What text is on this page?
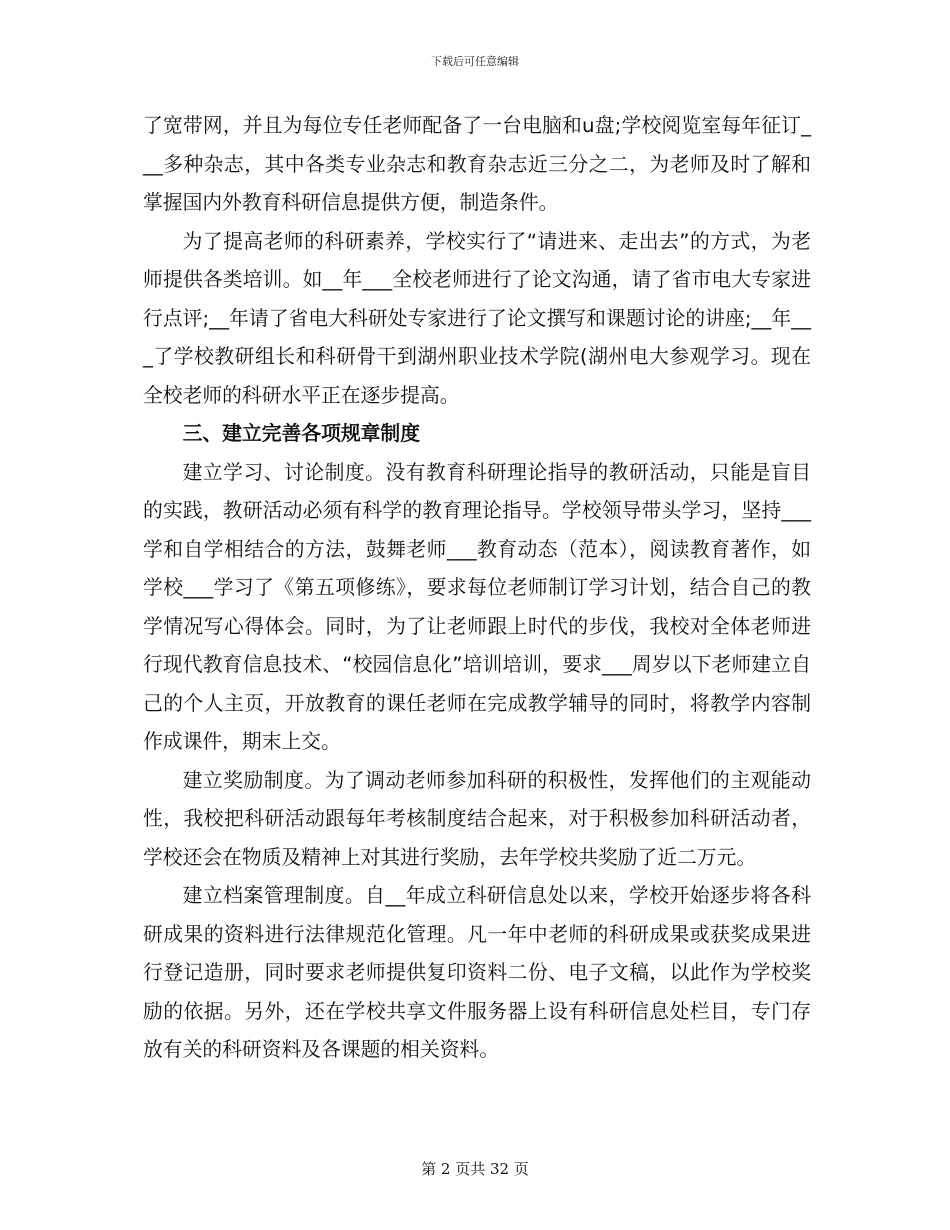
下载后可任意编辑

了宽带网，并且为每位专任老师配备了一台电脑和u盘;学校阅览室每年征订___多种杂志，其中各类专业杂志和教育杂志近三分之二，为老师及时了解和掌握国内外教育科研信息提供方便，制造条件。

为了提高老师的科研素养，学校实行了“请进来、走出去”的方式，为老师提供各类培训。如__年___全校老师进行了论文沟通，请了省市电大专家进行点评;__年请了省电大科研处专家进行了论文撰写和课题讨论的讲座;__年___了学校教研组长和科研骨干到湖州职业技术学院(湖州电大参观学习。现在全校老师的科研水平正在逐步提高。

三、建立完善各项规章制度

建立学习、讨论制度。没有教育科研理论指导的教研活动，只能是盲目的实践，教研活动必须有科学的教育理论指导。学校领导带头学习，坚持___学和自学相结合的方法，鼓舞老师___教育动态（范本），阅读教育著作，如学校___学习了《第五项修练》，要求每位老师制订学习计划，结合自己的教学情况写心得体会。同时，为了让老师跟上时代的步伐，我校对全体老师进行现代教育信息技术、“校园信息化”培训培训，要求___周岁以下老师建立自己的个人主页，开放教育的课任老师在完成教学辅导的同时，将教学内容制作成课件，期末上交。

建立奖励制度。为了调动老师参加科研的积极性，发挥他们的主观能动性，我校把科研活动跟每年考核制度结合起来，对于积极参加科研活动者，学校还会在物质及精神上对其进行奖励，去年学校共奖励了近二万元。

建立档案管理制度。自__年成立科研信息处以来，学校开始逐步将各科研成果的资料进行法律规范化管理。凡一年中老师的科研成果或获奖成果进行登记造册，同时要求老师提供复印资料二份、电子文稿，以此作为学校奖励的依据。另外，还在学校共享文件服务器上设有科研信息处栏目，专门存放有关的科研资料及各课题的相关资料。

第 2 页共 32 页
